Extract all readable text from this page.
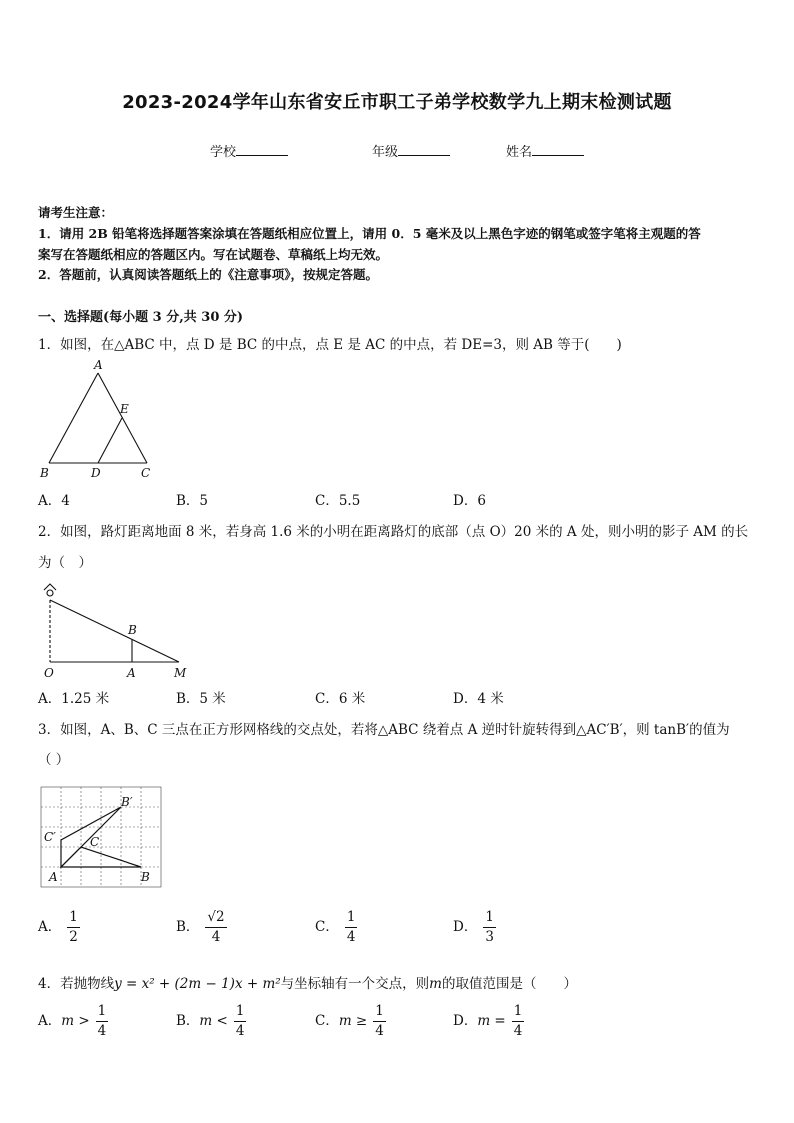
2023-2024学年山东省安丘市职工子弟学校数学九上期末检测试题
学校	年级	姓名
请考生注意：
1．请用 2B 铅笔将选择题答案涂填在答题纸相应位置上，请用 0．5 毫米及以上黑色字迹的钢笔或签字笔将主观题的答
案写在答题纸相应的答题区内。写在试题卷、草稿纸上均无效。
2．答题前，认真阅读答题纸上的《注意事项》，按规定答题。
一、选择题(每小题 3 分,共 30 分)
1．如图，在△ABC 中，点 D 是 BC 的中点，点 E 是 AC 的中点，若 DE=3，则 AB 等于(　　)
A
E
B	D	C
A．4	B．5	C．5.5	D．6
2．如图，路灯距离地面 8 米，若身高 1.6 米的小明在距离路灯的底部（点 O）20 米的 A 处，则小明的影子 AM 的长
为（　）
O
B
A	M
A．1.25 米	B．5 米	C．6 米	D．4 米
3．如图，A、B、C 三点在正方形网格线的交点处，若将△ABC 绕着点 A 逆时针旋转得到△AC′B′，则 tanB′的值为
（ ）
A	B
C
C′
B′
A． $\frac{1}{2}$	B． $\frac{√2}{4}$	C． $\frac{1}{4}$	D． $\frac{1}{3}$
4．若抛物线y = x² + (2m − 1)x + m²与坐标轴有一个交点，则m的取值范围是（　　）
A．$m > \frac{1}{4}$	B．$m < \frac{1}{4}$	C．$m \ge \frac{1}{4}$	D．$m = \frac{1}{4}$
